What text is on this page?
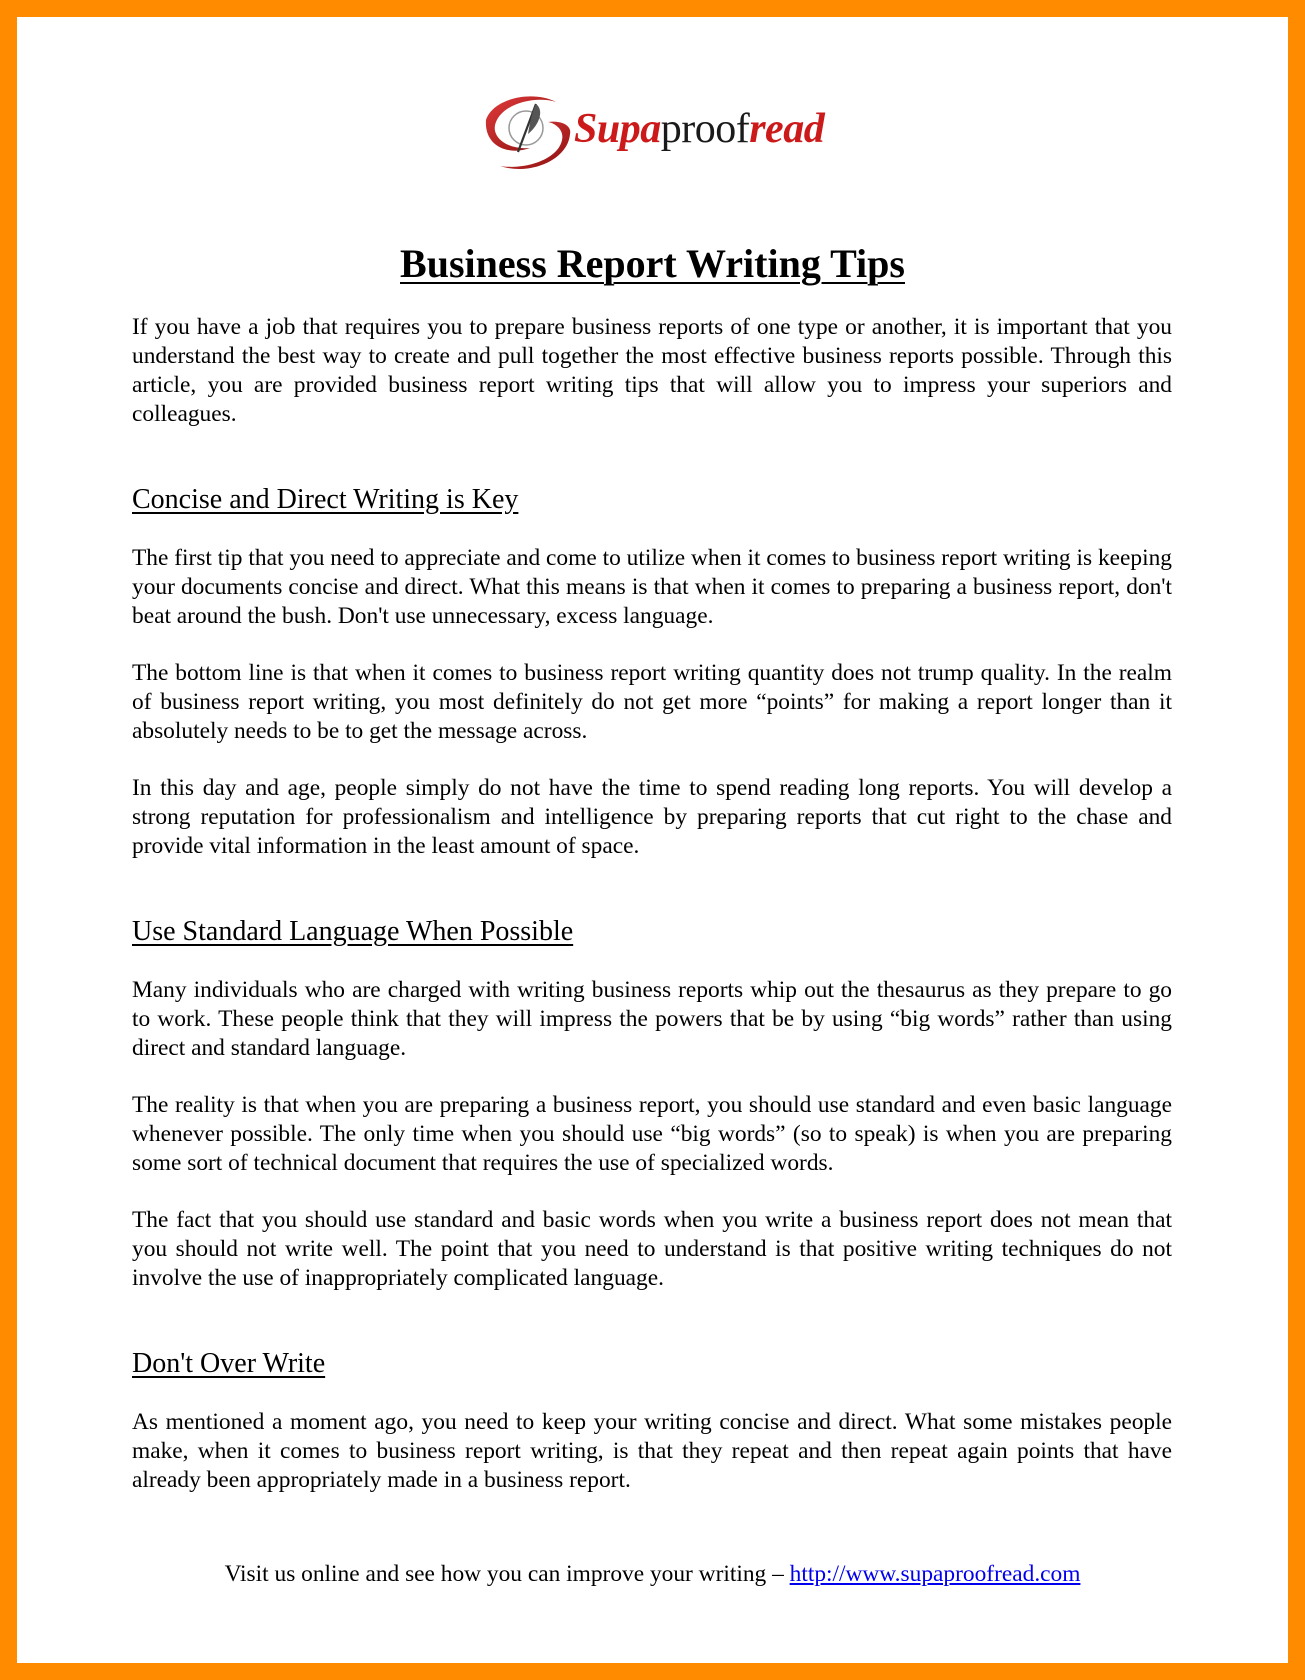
Supaproofread
Business Report Writing Tips

If you have a job that requires you to prepare business reports of one type or another, it is important that you understand the best way to create and pull together the most effective business reports possible. Through this article, you are provided business report writing tips that will allow you to impress your superiors and colleagues.

Concise and Direct Writing is Key

The first tip that you need to appreciate and come to utilize when it comes to business report writing is keeping your documents concise and direct. What this means is that when it comes to preparing a business report, don't beat around the bush. Don't use unnecessary, excess language.

The bottom line is that when it comes to business report writing quantity does not trump quality. In the realm of business report writing, you most definitely do not get more “points” for making a report longer than it absolutely needs to be to get the message across.

In this day and age, people simply do not have the time to spend reading long reports. You will develop a strong reputation for professionalism and intelligence by preparing reports that cut right to the chase and provide vital information in the least amount of space.

Use Standard Language When Possible

Many individuals who are charged with writing business reports whip out the thesaurus as they prepare to go to work. These people think that they will impress the powers that be by using “big words” rather than using direct and standard language.

The reality is that when you are preparing a business report, you should use standard and even basic language whenever possible. The only time when you should use “big words” (so to speak) is when you are preparing some sort of technical document that requires the use of specialized words.

The fact that you should use standard and basic words when you write a business report does not mean that you should not write well. The point that you need to understand is that positive writing techniques do not involve the use of inappropriately complicated language.

Don't Over Write

As mentioned a moment ago, you need to keep your writing concise and direct. What some mistakes people make, when it comes to business report writing, is that they repeat and then repeat again points that have already been appropriately made in a business report.

Visit us online and see how you can improve your writing – http://www.supaproofread.com
